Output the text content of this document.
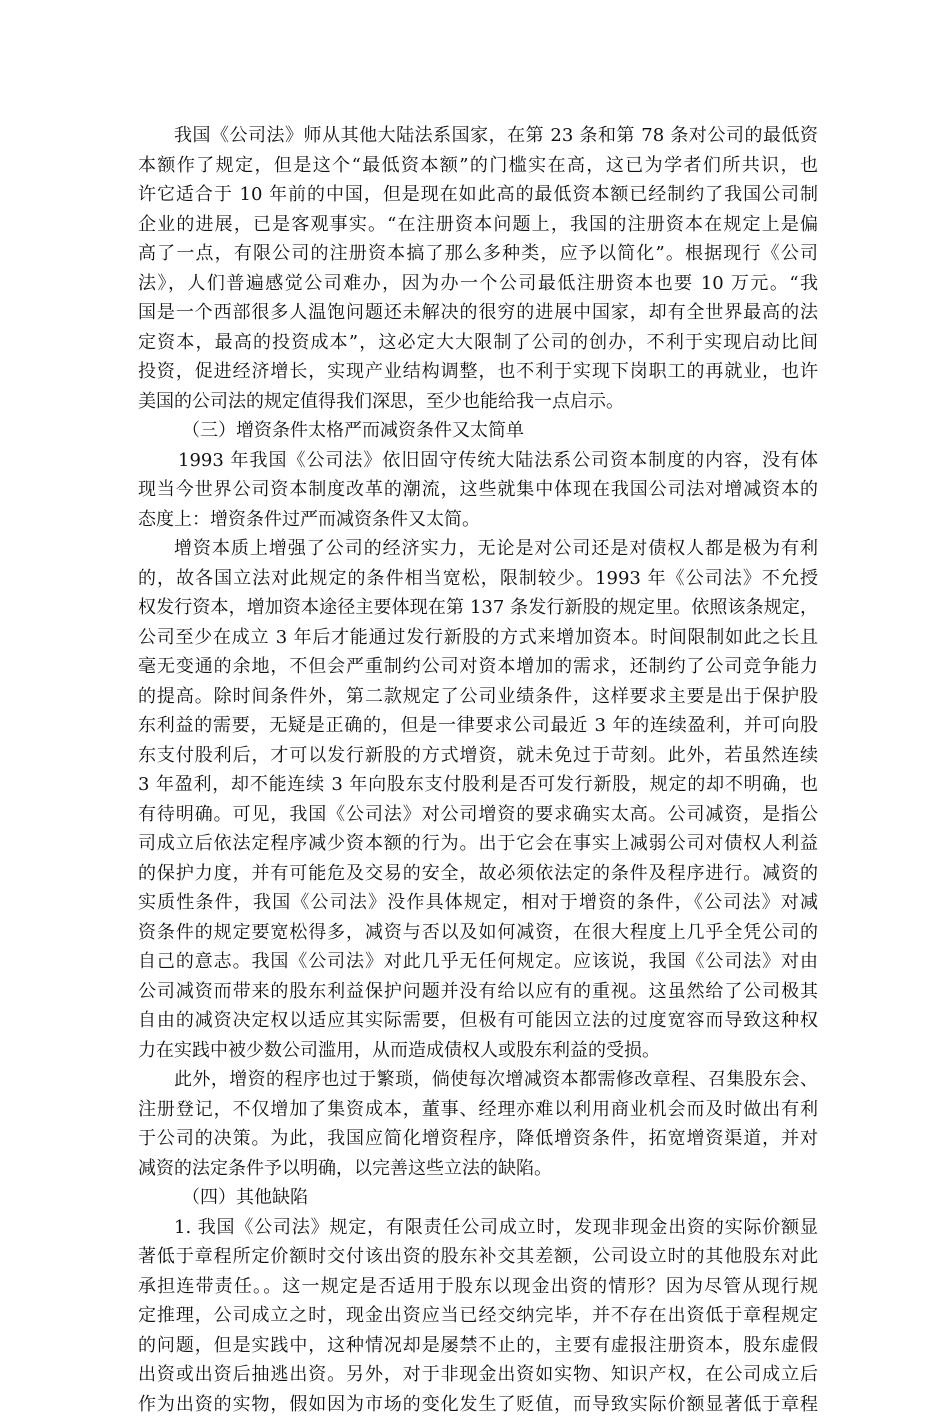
我国《公司法》师从其他大陆法系国家，在第 23 条和第 78 条对公司的最低资
本额作了规定，但是这个“最低资本额”的门槛实在高，这已为学者们所共识，也
许它适合于 10 年前的中国，但是现在如此高的最低资本额已经制约了我国公司制
企业的进展，已是客观事实。“在注册资本问题上，我国的注册资本在规定上是偏
高了一点，有限公司的注册资本搞了那么多种类，应予以简化”。根据现行《公司
法》，人们普遍感觉公司难办，因为办一个公司最低注册资本也要 10 万元。“我
国是一个西部很多人温饱问题还未解决的很穷的进展中国家，却有全世界最高的法
定资本，最高的投资成本”，这必定大大限制了公司的创办，不利于实现启动比间
投资，促进经济增长，实现产业结构调整，也不利于实现下岗职工的再就业，也许
美国的公司法的规定值得我们深思，至少也能给我一点启示。
（三）增资条件太格严而减资条件又太简单
1993 年我国《公司法》依旧固守传统大陆法系公司资本制度的内容，没有体
现当今世界公司资本制度改革的潮流，这些就集中体现在我国公司法对增减资本的
态度上：增资条件过严而减资条件又太简。
增资本质上增强了公司的经济实力，无论是对公司还是对债权人都是极为有利
的，故各国立法对此规定的条件相当宽松，限制较少。1993 年《公司法》不允授
权发行资本，增加资本途径主要体现在第 137 条发行新股的规定里。依照该条规定，
公司至少在成立 3 年后才能通过发行新股的方式来增加资本。时间限制如此之长且
毫无变通的余地，不但会严重制约公司对资本增加的需求，还制约了公司竞争能力
的提高。除时间条件外，第二款规定了公司业绩条件，这样要求主要是出于保护股
东利益的需要，无疑是正确的，但是一律要求公司最近 3 年的连续盈利，并可向股
东支付股利后，才可以发行新股的方式增资，就未免过于苛刻。此外，若虽然连续
3 年盈利，却不能连续 3 年向股东支付股利是否可发行新股，规定的却不明确，也
有待明确。可见，我国《公司法》对公司增资的要求确实太高。公司减资，是指公
司成立后依法定程序减少资本额的行为。出于它会在事实上减弱公司对债权人利益
的保护力度，并有可能危及交易的安全，故必须依法定的条件及程序进行。减资的
实质性条件，我国《公司法》没作具体规定，相对于增资的条件，《公司法》对减
资条件的规定要宽松得多，减资与否以及如何减资，在很大程度上几乎全凭公司的
自己的意志。我国《公司法》对此几乎无任何规定。应该说，我国《公司法》对由
公司减资而带来的股东利益保护问题并没有给以应有的重视。这虽然给了公司极其
自由的减资决定权以适应其实际需要，但极有可能因立法的过度宽容而导致这种权
力在实践中被少数公司滥用，从而造成债权人或股东利益的受损。
此外，增资的程序也过于繁琐，倘使每次增减资本都需修改章程、召集股东会、
注册登记，不仅增加了集资成本，董事、经理亦难以利用商业机会而及时做出有利
于公司的决策。为此，我国应简化增资程序，降低增资条件，拓宽增资渠道，并对
减资的法定条件予以明确，以完善这些立法的缺陷。
（四）其他缺陷
1. 我国《公司法》规定，有限责任公司成立时，发现非现金出资的实际价额显
著低于章程所定价额时交付该出资的股东补交其差额，公司设立时的其他股东对此
承担连带责任。。这一规定是否适用于股东以现金出资的情形？因为尽管从现行规
定推理，公司成立之时，现金出资应当已经交纳完毕，并不存在出资低于章程规定
的问题，但是实践中，这种情况却是屡禁不止的，主要有虚报注册资本，股东虚假
出资或出资后抽逃出资。另外，对于非现金出资如实物、知识产权，在公司成立后
作为出资的实物，假如因为市场的变化发生了贬值，而导致实际价额显著低于章程
